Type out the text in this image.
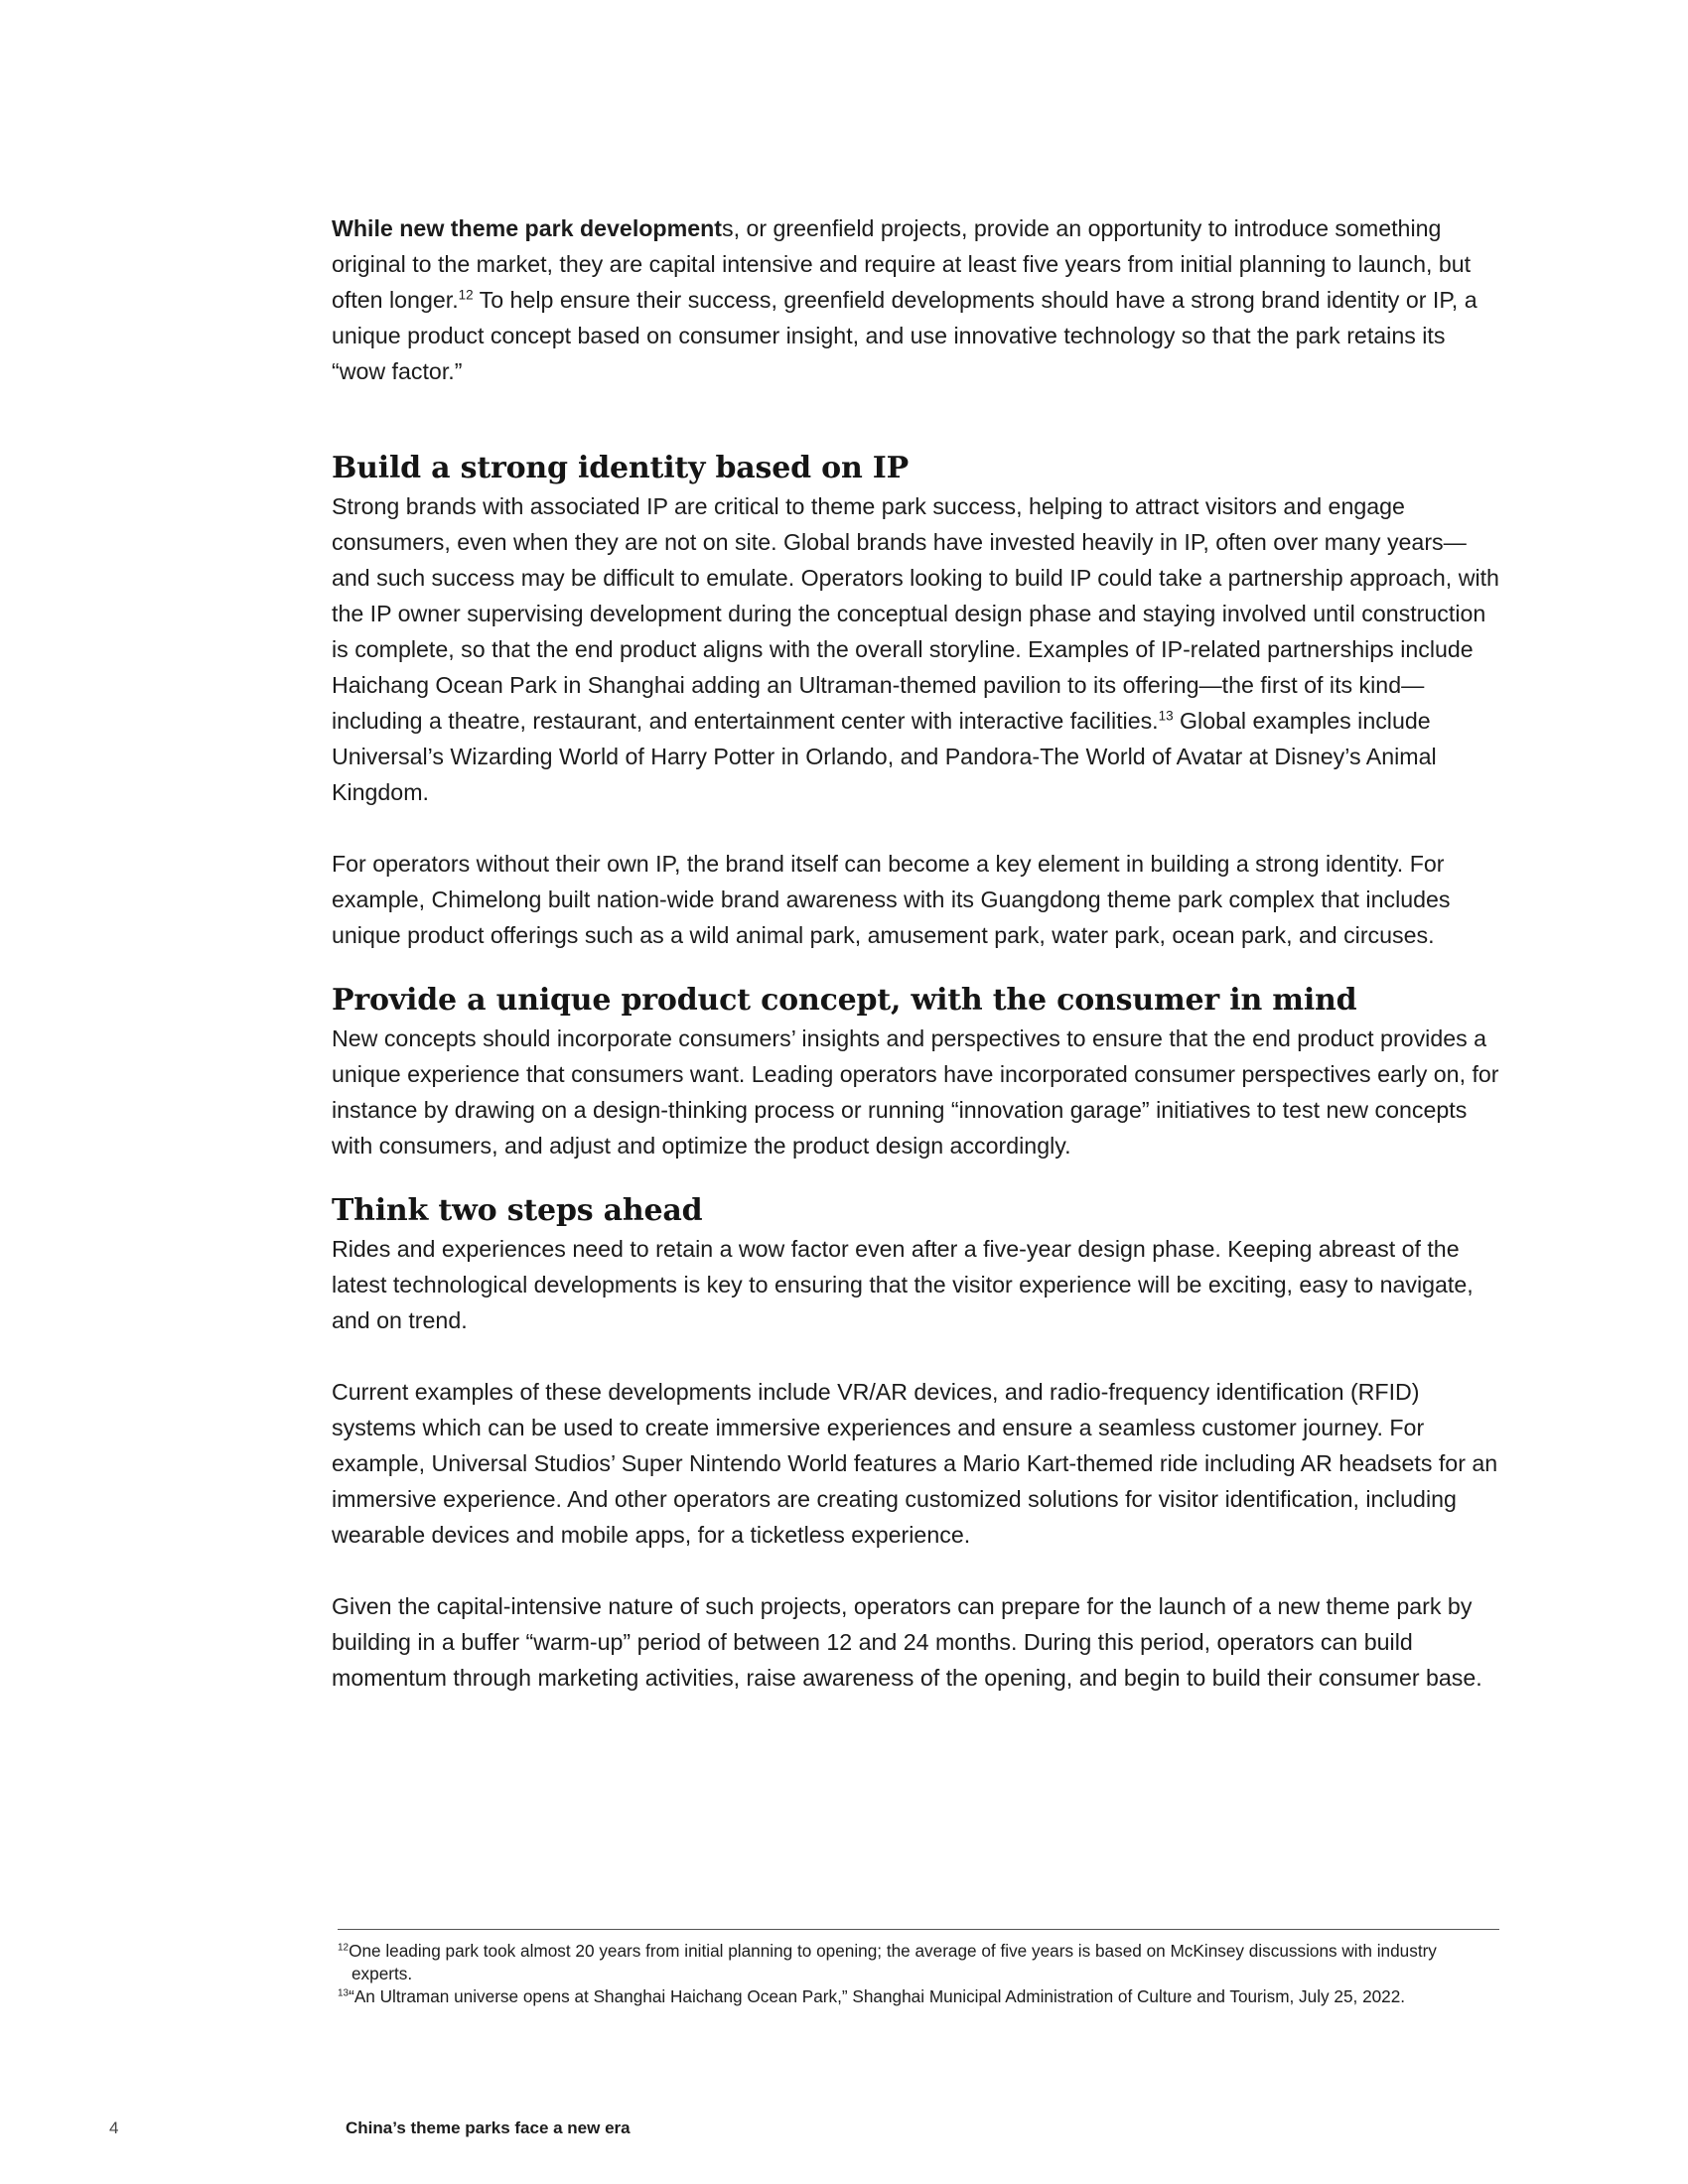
While new theme park developments, or greenfield projects, provide an opportunity to introduce something original to the market, they are capital intensive and require at least five years from initial planning to launch, but often longer.$^{12}$ To help ensure their success, greenfield developments should have a strong brand identity or IP, a unique product concept based on consumer insight, and use innovative technology so that the park retains its “wow factor.”

Build a strong identity based on IP

Strong brands with associated IP are critical to theme park success, helping to attract visitors and engage consumers, even when they are not on site. Global brands have invested heavily in IP, often over many years—and such success may be difficult to emulate. Operators looking to build IP could take a partnership approach, with the IP owner supervising development during the conceptual design phase and staying involved until construction is complete, so that the end product aligns with the overall storyline. Examples of IP-related partnerships include Haichang Ocean Park in Shanghai adding an Ultraman-themed pavilion to its offering—the first of its kind—including a theatre, restaurant, and entertainment center with interactive facilities.$^{13}$ Global examples include Universal’s Wizarding World of Harry Potter in Orlando, and Pandora-The World of Avatar at Disney’s Animal Kingdom.

For operators without their own IP, the brand itself can become a key element in building a strong identity. For example, Chimelong built nation-wide brand awareness with its Guangdong theme park complex that includes unique product offerings such as a wild animal park, amusement park, water park, ocean park, and circuses.

Provide a unique product concept, with the consumer in mind

New concepts should incorporate consumers’ insights and perspectives to ensure that the end product provides a unique experience that consumers want. Leading operators have incorporated consumer perspectives early on, for instance by drawing on a design-thinking process or running “innovation garage” initiatives to test new concepts with consumers, and adjust and optimize the product design accordingly.

Think two steps ahead

Rides and experiences need to retain a wow factor even after a five-year design phase. Keeping abreast of the latest technological developments is key to ensuring that the visitor experience will be exciting, easy to navigate, and on trend.

Current examples of these developments include VR/AR devices, and radio-frequency identification (RFID) systems which can be used to create immersive experiences and ensure a seamless customer journey. For example, Universal Studios’ Super Nintendo World features a Mario Kart-themed ride including AR headsets for an immersive experience. And other operators are creating customized solutions for visitor identification, including wearable devices and mobile apps, for a ticketless experience.

Given the capital-intensive nature of such projects, operators can prepare for the launch of a new theme park by building in a buffer “warm-up” period of between 12 and 24 months. During this period, operators can build momentum through marketing activities, raise awareness of the opening, and begin to build their consumer base.

$^{12}$One leading park took almost 20 years from initial planning to opening; the average of five years is based on McKinsey discussions with industry experts.

$^{13}$“An Ultraman universe opens at Shanghai Haichang Ocean Park,” Shanghai Municipal Administration of Culture and Tourism, July 25, 2022.

4	China’s theme parks face a new era
